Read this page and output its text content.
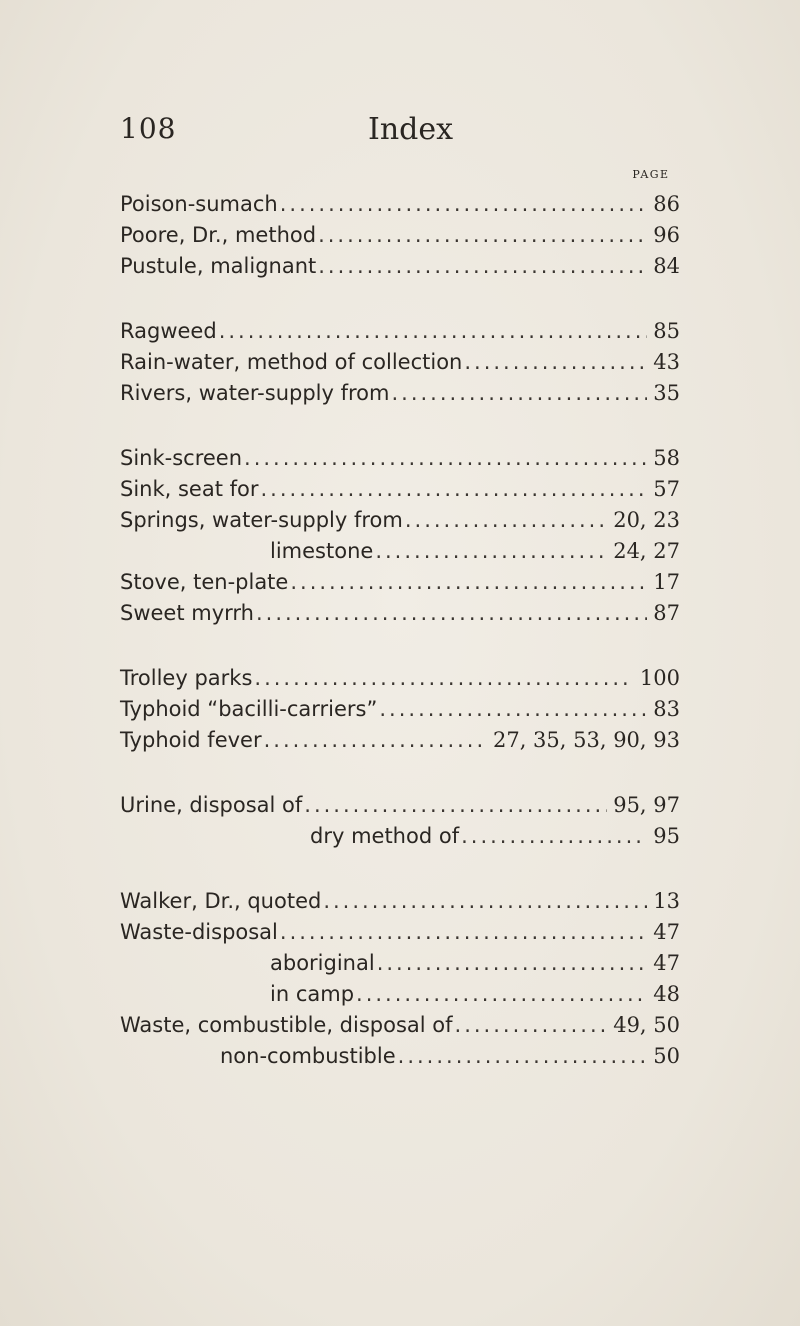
108	Index
PAGE
Poison-sumach .....	86
Poore, Dr., method .....	96
Pustule, malignant .....	84
Ragweed .....	85
Rain-water, method of collection .....	43
Rivers, water-supply from .....	35
Sink-screen .....	58
Sink, seat for .....	57
Springs, water-supply from .....	20, 23
limestone .....	24, 27
Stove, ten-plate .....	17
Sweet myrrh .....	87
Trolley parks .....	100
Typhoid “bacilli-carriers” .....	83
Typhoid fever .....	27, 35, 53, 90, 93
Urine, disposal of .....	95, 97
dry method of .....	95
Walker, Dr., quoted .....	13
Waste-disposal .....	47
aboriginal .....	47
in camp .....	48
Waste, combustible, disposal of .....	49, 50
non-combustible .....	50
